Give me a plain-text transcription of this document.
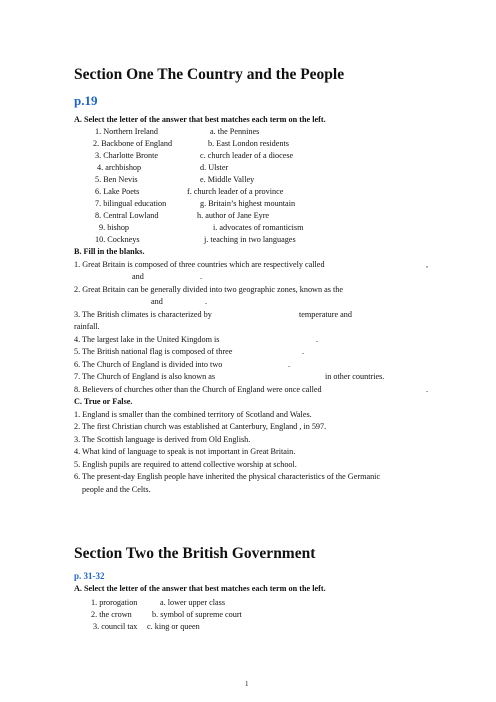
Section One The Country and the People
p.19
A. Select the letter of the answer that best matches each term on the left.
1. Northern Ireland	a. the Pennines
2. Backbone of England	b. East London residents
3. Charlotte Bronte	c. church leader of a diocese
4. archbishop	d. Ulster
5. Ben Nevis	e. Middle Valley
6. Lake Poets	f. church leader of a province
7. bilingual education	g. Britain’s highest mountain
8. Central Lowland	h. author of Jane Eyre
9. bishop	i. advocates of romanticism
10. Cockneys	j. teaching in two languages
B. Fill in the blanks.
1. Great Britain is composed of three countries which are respectively called	,
and	.
2. Great Britain can be generally divided into two geographic zones, known as the
and	.
3. The British climates is characterized by	temperature and
rainfall.
4. The largest lake in the United Kingdom is	.
5. The British national flag is composed of three	.
6. The Church of England is divided into two	.
7. The Church of England is also known as	in other countries.
8. Believers of churches other than the Church of England were once called	.
C. True or False.
1. England is smaller than the combined territory of Scotland and Wales.
2. The first Christian church was established at Canterbury, England , in 597.
3. The Scottish language is derived from Old English.
4. What kind of language to speak is not important in Great Britain.
5. English pupils are required to attend collective worship at school.
6. The present-day English people have inherited the physical characteristics of the Germanic
people and the Celts.
Section Two the British Government
p. 31-32
A. Select the letter of the answer that best matches each term on the left.
1. prorogation	a. lower upper class
2. the crown b. symbol of supreme court
3. council tax c. king or queen
1
